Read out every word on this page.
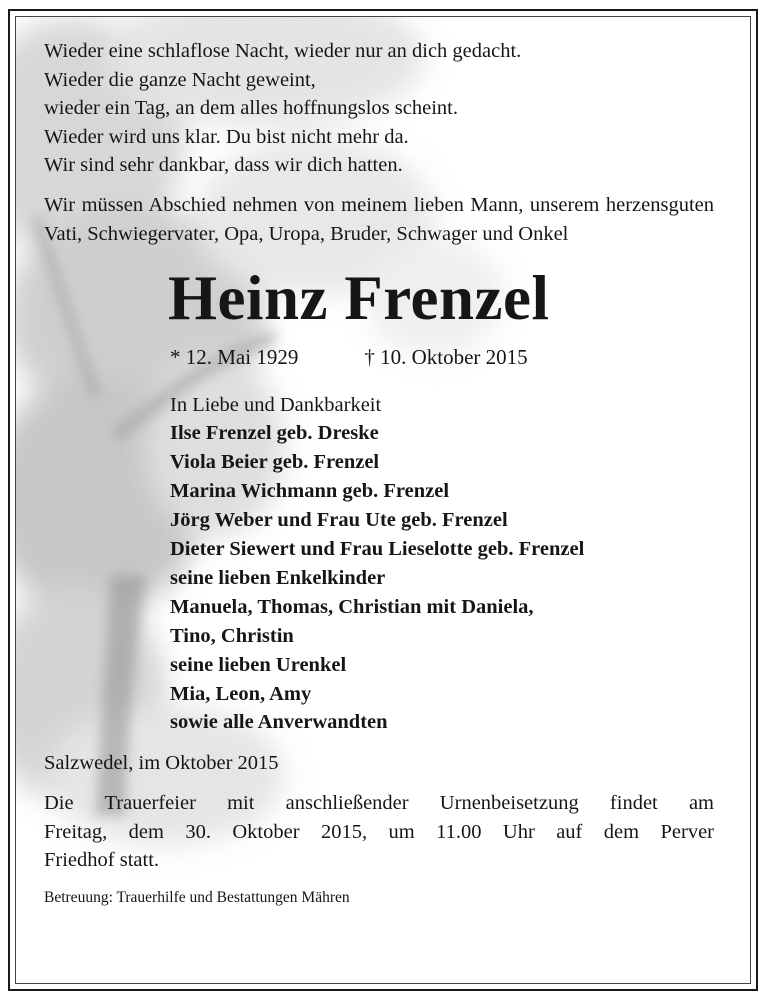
Wieder eine schlaflose Nacht, wieder nur an dich gedacht.
Wieder die ganze Nacht geweint,
wieder ein Tag, an dem alles hoffnungslos scheint.
Wieder wird uns klar. Du bist nicht mehr da.
Wir sind sehr dankbar, dass wir dich hatten.
Wir müssen Abschied nehmen von meinem lieben Mann, unserem herzensguten Vati, Schwiegervater, Opa, Uropa, Bruder, Schwager und Onkel
Heinz Frenzel
* 12. Mai 1929	† 10. Oktober 2015
In Liebe und Dankbarkeit
Ilse Frenzel geb. Dreske
Viola Beier geb. Frenzel
Marina Wichmann geb. Frenzel
Jörg Weber und Frau Ute geb. Frenzel
Dieter Siewert und Frau Lieselotte geb. Frenzel
seine lieben Enkelkinder
Manuela, Thomas, Christian mit Daniela,
Tino, Christin
seine lieben Urenkel
Mia, Leon, Amy
sowie alle Anverwandten
Salzwedel, im Oktober 2015
Die Trauerfeier mit anschließender Urnenbeisetzung findet am
Freitag, dem 30. Oktober 2015, um 11.00 Uhr auf dem Perver
Friedhof statt.
Betreuung: Trauerhilfe und Bestattungen Mähren
